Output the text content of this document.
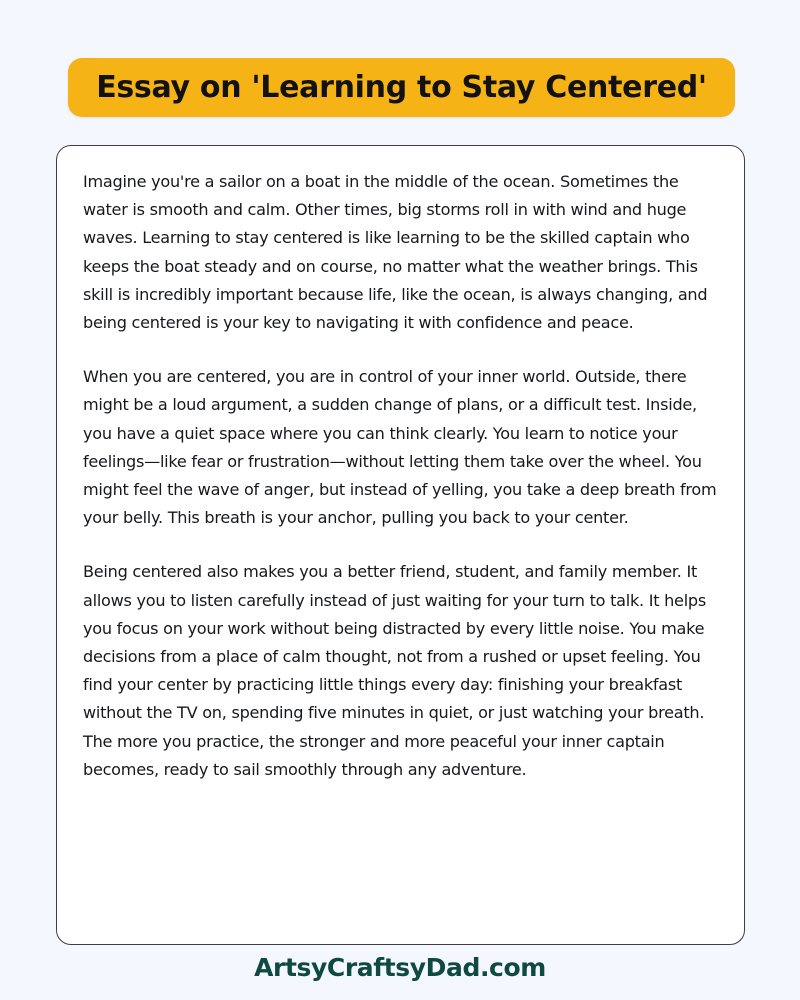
Essay on 'Learning to Stay Centered'

Imagine you're a sailor on a boat in the middle of the ocean. Sometimes the water is smooth and calm. Other times, big storms roll in with wind and huge waves. Learning to stay centered is like learning to be the skilled captain who keeps the boat steady and on course, no matter what the weather brings. This skill is incredibly important because life, like the ocean, is always changing, and being centered is your key to navigating it with confidence and peace.

When you are centered, you are in control of your inner world. Outside, there might be a loud argument, a sudden change of plans, or a difficult test. Inside, you have a quiet space where you can think clearly. You learn to notice your feelings—like fear or frustration—without letting them take over the wheel. You might feel the wave of anger, but instead of yelling, you take a deep breath from your belly. This breath is your anchor, pulling you back to your center.

Being centered also makes you a better friend, student, and family member. It allows you to listen carefully instead of just waiting for your turn to talk. It helps you focus on your work without being distracted by every little noise. You make decisions from a place of calm thought, not from a rushed or upset feeling. You find your center by practicing little things every day: finishing your breakfast without the TV on, spending five minutes in quiet, or just watching your breath. The more you practice, the stronger and more peaceful your inner captain becomes, ready to sail smoothly through any adventure.

ArtsyCraftsyDad.com
